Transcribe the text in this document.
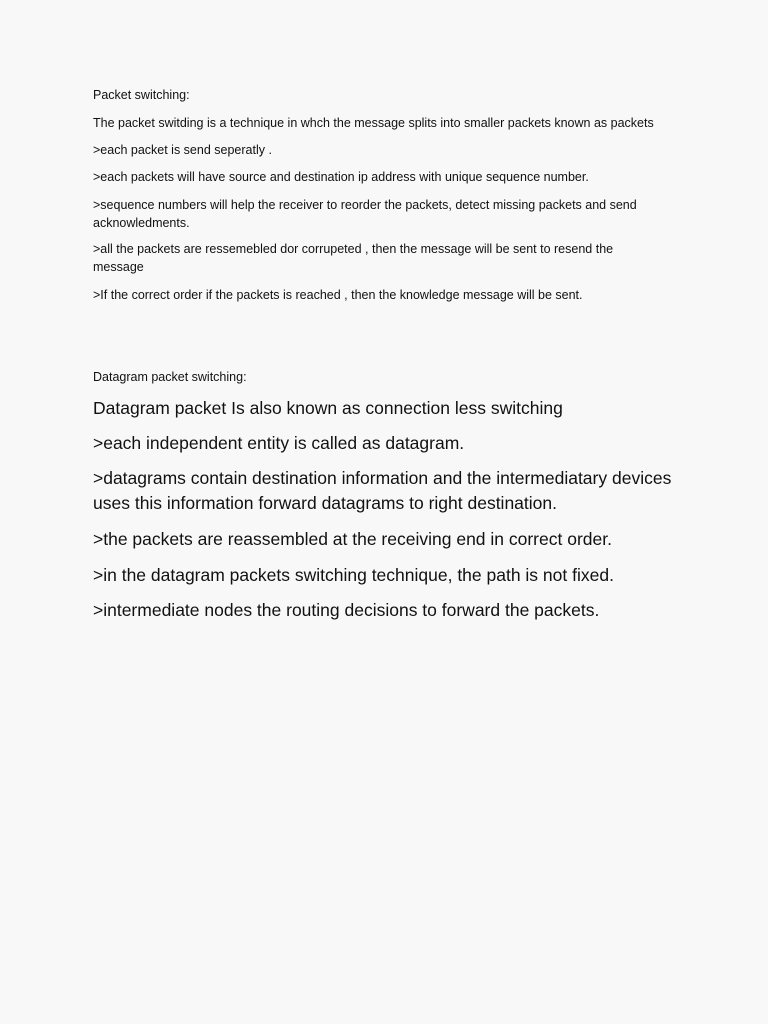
Packet switching:

The packet switding is a technique in whch the message splits into smaller packets known as packets

>each packet is send seperatly .

>each packets will have source and destination ip address with unique sequence number.

>sequence numbers will help the receiver to reorder the packets, detect missing packets and send acknowledments.

>all the packets are ressemebled dor corrupeted , then the message will be sent to resend the message

>If the correct order if the packets is reached , then the knowledge message will be sent.

Datagram packet switching:

Datagram packet Is also known as connection less switching

>each independent entity is called as datagram.

>datagrams contain destination information and the intermediatary devices uses this information forward datagrams to right destination.

>the packets are reassembled at the receiving end in correct order.

>in the datagram packets switching technique, the path is not fixed.

>intermediate nodes the routing decisions to forward the packets.
